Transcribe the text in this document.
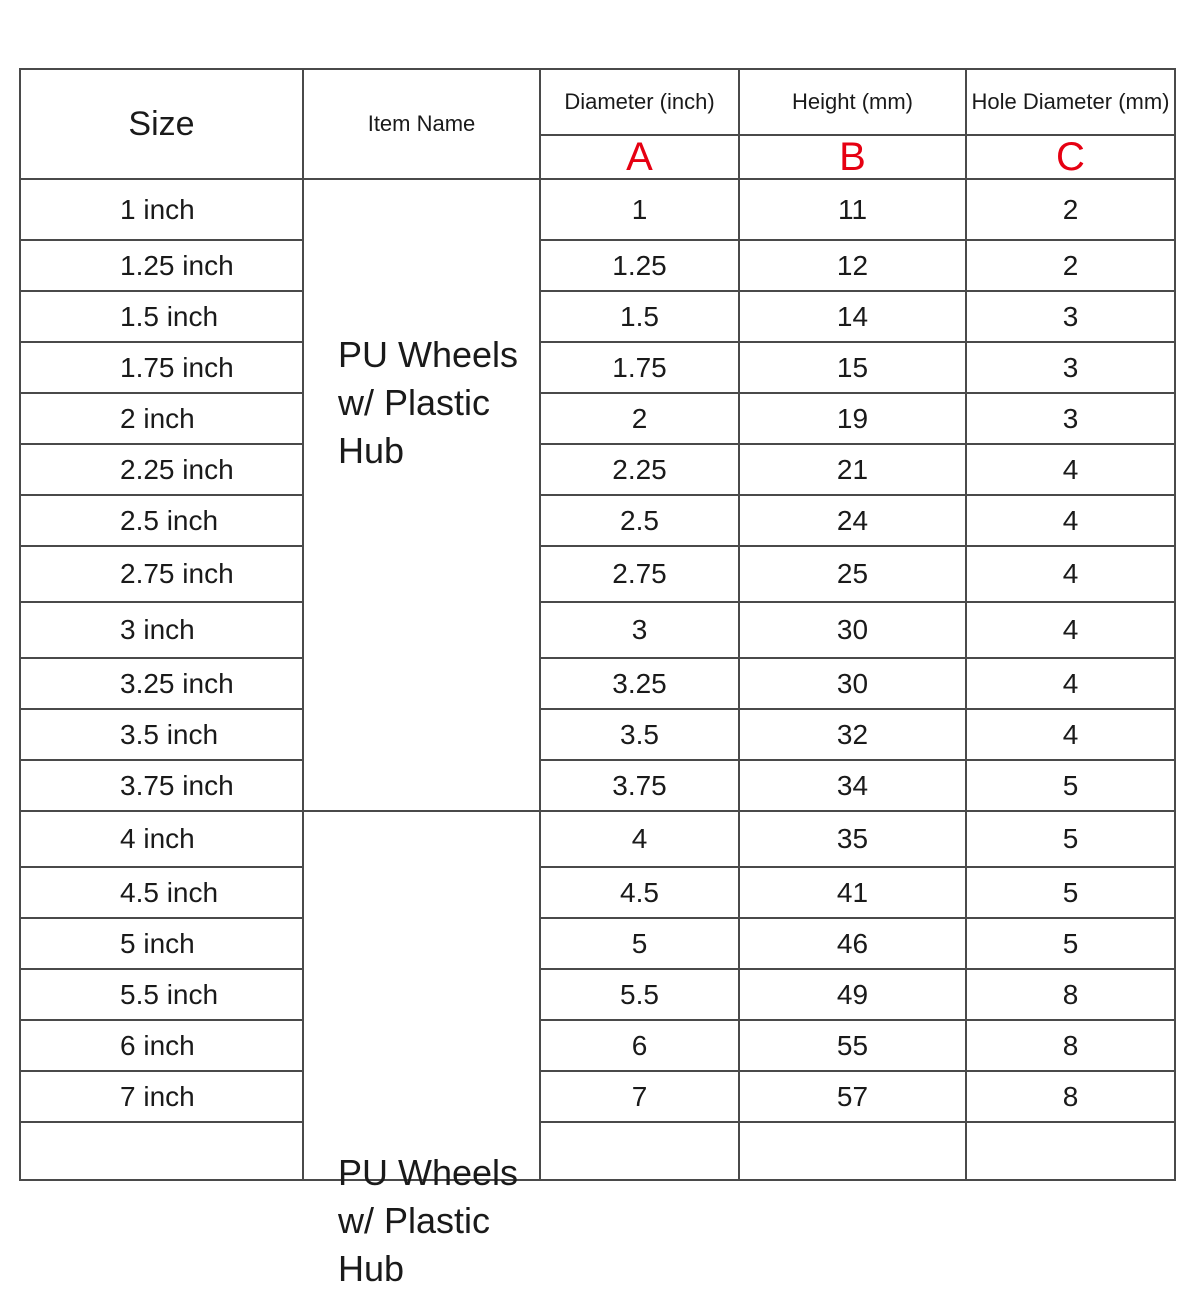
Size	Item Name	Diameter (inch)	Height (mm)	Hole Diameter (mm)
		A	B	C
1 inch	PU Wheels w/ Plastic Hub	1	11	2
1.25 inch		1.25	12	2
1.5 inch		1.5	14	3
1.75 inch		1.75	15	3
2 inch		2	19	3
2.25 inch		2.25	21	4
2.5 inch		2.5	24	4
2.75 inch		2.75	25	4
3 inch		3	30	4
3.25 inch		3.25	30	4
3.5 inch		3.5	32	4
3.75 inch		3.75	34	5
4 inch	PU Wheels w/ Plastic Hub	4	35	5
4.5 inch		4.5	41	5
5 inch		5	46	5
5.5 inch		5.5	49	8
6 inch		6	55	8
7 inch		7	57	8
